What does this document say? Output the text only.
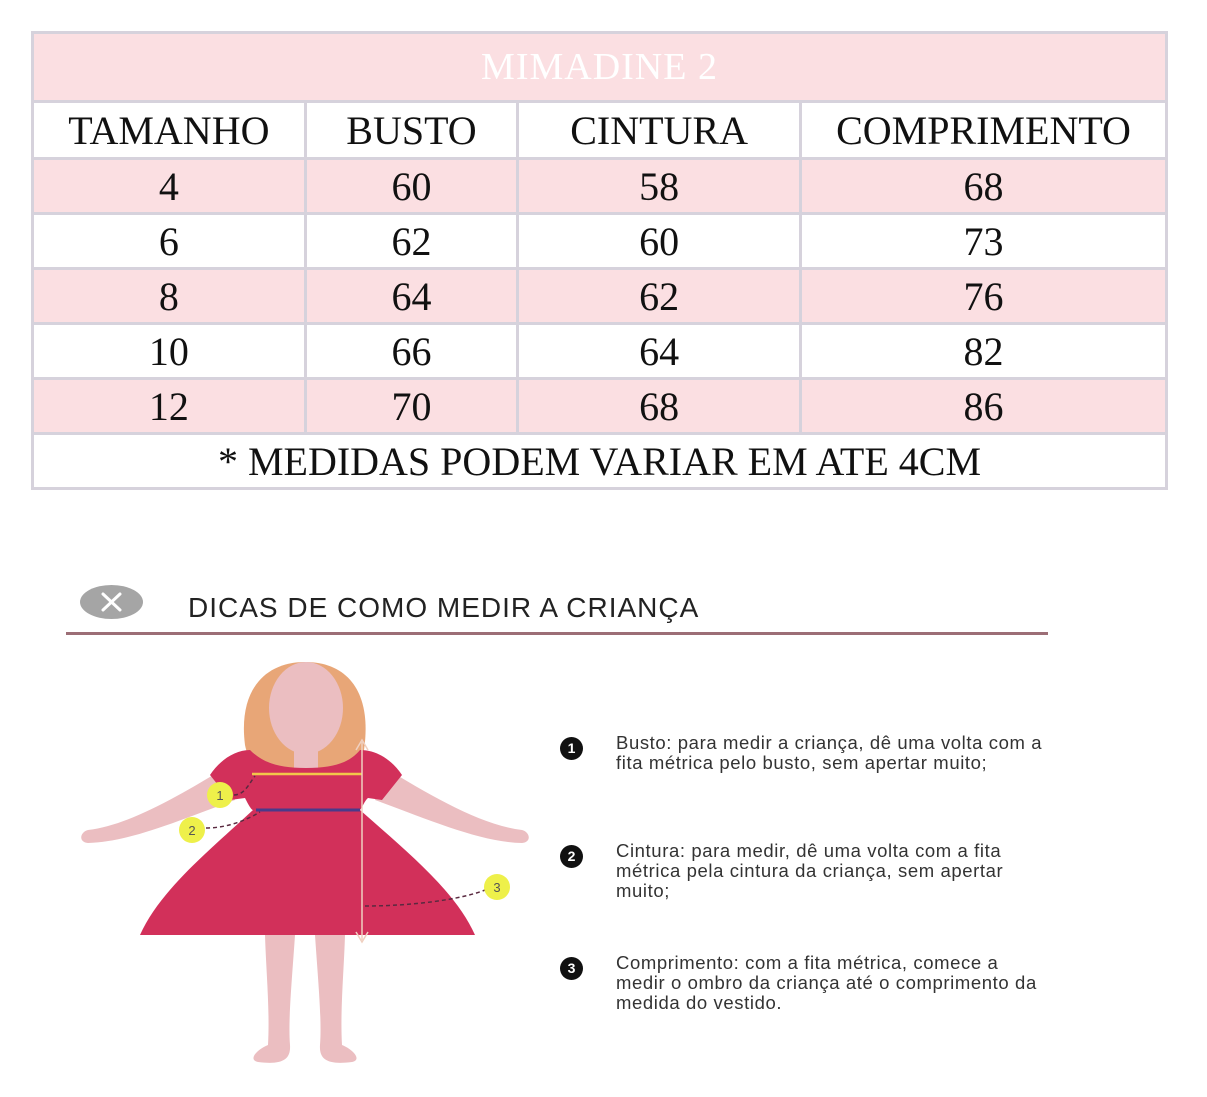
MIMADINE 2			
TAMANHO	BUSTO	CINTURA	COMPRIMENTO
4	60	58	68
6	62	60	73
8	64	62	76
10	66	64	82
12	70	68	86
* MEDIDAS PODEM VARIAR EM ATE 4CM			
DICAS DE COMO MEDIR A CRIANÇA
1
2
3
1	Busto: para medir a criança, dê uma volta com a fita métrica pelo busto, sem apertar muito;

2	Cintura: para medir, dê uma volta com a fita métrica pela cintura da criança, sem apertar muito;

3	Comprimento: com a fita métrica, comece a medir o ombro da criança até o comprimento da medida do vestido.
